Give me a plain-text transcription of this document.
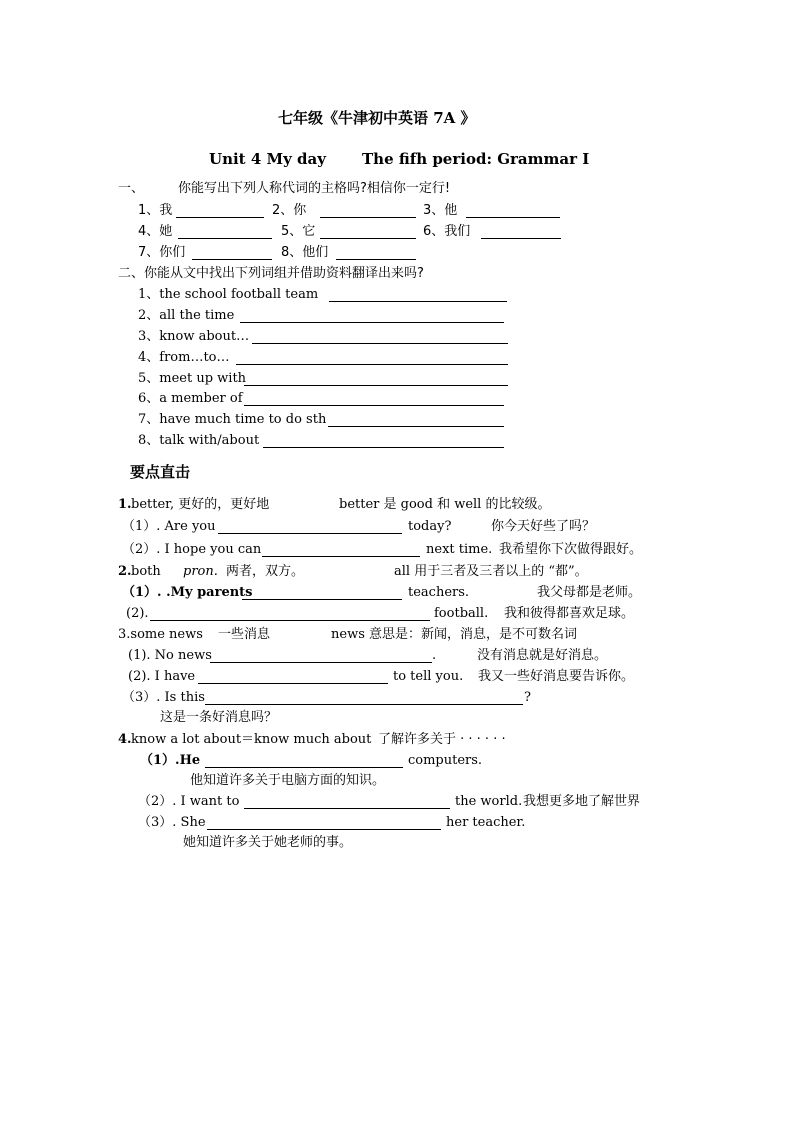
七年级《牛津初中英语 7A 》
Unit 4 My day The fifh period: Grammar I
一、	你能写出下列人称代词的主格吗?相信你一定行!
1、我	2、你	3、他
4、她	5、它	6、我们
7、你们	8、他们
二、你能从文中找出下列词组并借助资料翻译出来吗?
1、the school football team
2、all the time
3、know about…
4、from…to…
5、meet up with
6、a member of
7、have much time to do sth
8、talk with/about
要点直击
1. better, 更好的，更好地	better 是 good 和 well 的比较级。
（1）. Are you	today?	你今天好些了吗？
（2）. I hope you can	next time. 我希望你下次做得跟好。
2. both pron. 两者，双方。	all 用于三者及三者以上的 “都”。
（1）. .My parents	teachers.	我父母都是老师。
(2).	football. 我和彼得都喜欢足球。
3.some news 一些消息	news 意思是：新闻，消息，是不可数名词
(1). No news	.	没有消息就是好消息。
(2). I have	to tell you. 我又一些好消息要告诉你。
（3）. Is this	?
这是一条好消息吗？
4. know a lot about＝know much about 了解许多关于 · · · · · ·
（1）.He	computers.
他知道许多关于电脑方面的知识。
（2）. I want to	the world. 我想更多地了解世界
（3）. She	her teacher.
她知道许多关于她老师的事。
